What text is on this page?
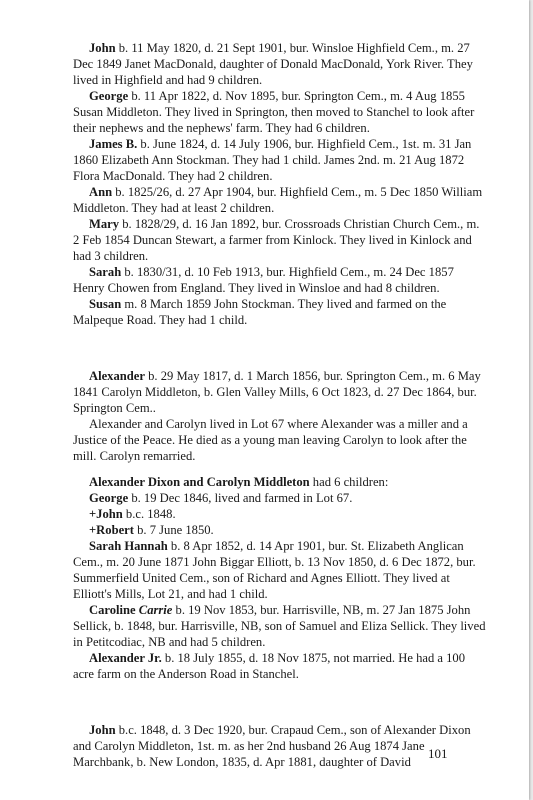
John b. 11 May 1820, d. 21 Sept 1901, bur. Winsloe Highfield Cem., m. 27 Dec 1849 Janet MacDonald, daughter of Donald MacDonald, York River. They lived in Highfield and had 9 children.

George b. 11 Apr 1822, d. Nov 1895, bur. Springton Cem., m. 4 Aug 1855 Susan Middleton. They lived in Springton, then moved to Stanchel to look after their nephews and the nephews' farm. They had 6 children.

James B. b. June 1824, d. 14 July 1906, bur. Highfield Cem., 1st. m. 31 Jan 1860 Elizabeth Ann Stockman. They had 1 child. James 2nd. m. 21 Aug 1872 Flora MacDonald. They had 2 children.

Ann b. 1825/26, d. 27 Apr 1904, bur. Highfield Cem., m. 5 Dec 1850 William Middleton. They had at least 2 children.

Mary b. 1828/29, d. 16 Jan 1892, bur. Crossroads Christian Church Cem., m. 2 Feb 1854 Duncan Stewart, a farmer from Kinlock. They lived in Kinlock and had 3 children.

Sarah b. 1830/31, d. 10 Feb 1913, bur. Highfield Cem., m. 24 Dec 1857 Henry Chowen from England. They lived in Winsloe and had 8 children.

Susan m. 8 March 1859 John Stockman. They lived and farmed on the Malpeque Road. They had 1 child.

Alexander b. 29 May 1817, d. 1 March 1856, bur. Springton Cem., m. 6 May 1841 Carolyn Middleton, b. Glen Valley Mills, 6 Oct 1823, d. 27 Dec 1864, bur. Springton Cem..

Alexander and Carolyn lived in Lot 67 where Alexander was a miller and a Justice of the Peace. He died as a young man leaving Carolyn to look after the mill. Carolyn remarried.

Alexander Dixon and Carolyn Middleton had 6 children:

George b. 19 Dec 1846, lived and farmed in Lot 67.

+John b.c. 1848.

+Robert b. 7 June 1850.

Sarah Hannah b. 8 Apr 1852, d. 14 Apr 1901, bur. St. Elizabeth Anglican Cem., m. 20 June 1871 John Biggar Elliott, b. 13 Nov 1850, d. 6 Dec 1872, bur. Summerfield United Cem., son of Richard and Agnes Elliott. They lived at Elliott's Mills, Lot 21, and had 1 child.

Caroline Carrie b. 19 Nov 1853, bur. Harrisville, NB, m. 27 Jan 1875 John Sellick, b. 1848, bur. Harrisville, NB, son of Samuel and Eliza Sellick. They lived in Petitcodiac, NB and had 5 children.

Alexander Jr. b. 18 July 1855, d. 18 Nov 1875, not married. He had a 100 acre farm on the Anderson Road in Stanchel.

John b.c. 1848, d. 3 Dec 1920, bur. Crapaud Cem., son of Alexander Dixon and Carolyn Middleton, 1st. m. as her 2nd husband 26 Aug 1874 Jane Marchbank, b. New London, 1835, d. Apr 1881, daughter of David

101
